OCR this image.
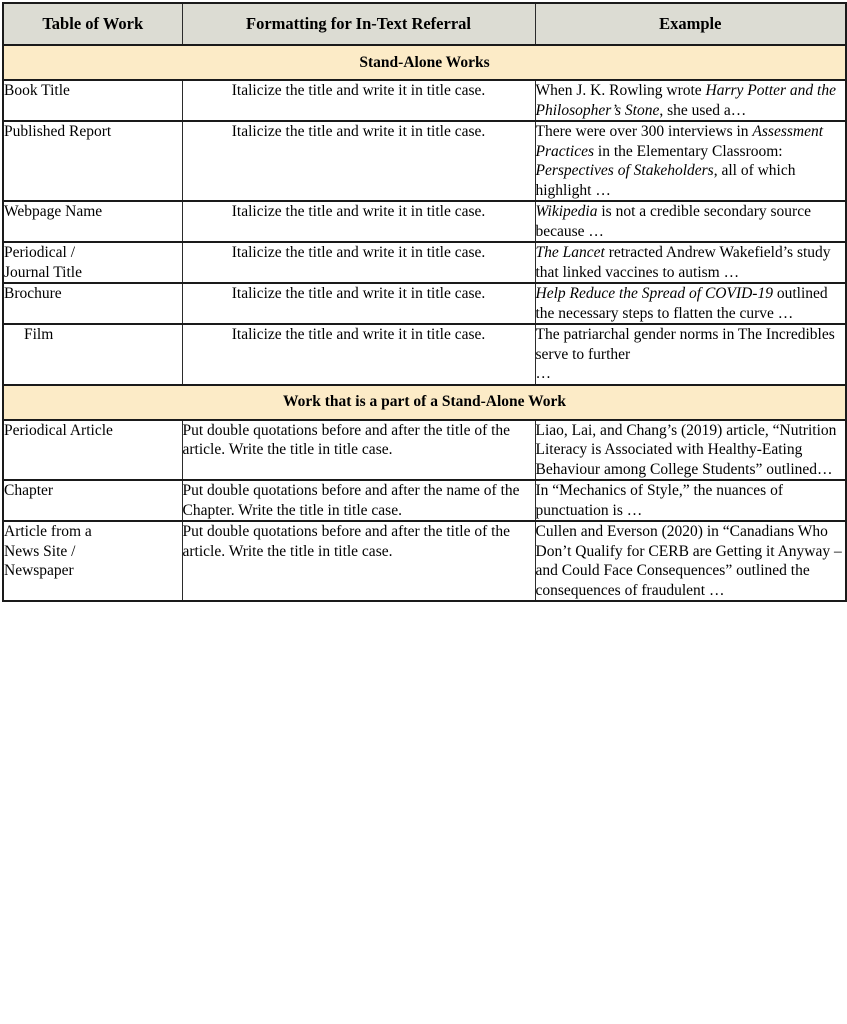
Table of Work	Formatting for In-Text Referral	Example
Stand-Alone Works		
Book Title	Italicize the title and write it in title case.	When J. K. Rowling wrote Harry Potter and the Philosopher’s Stone, she used a…
Published Report	Italicize the title and write it in title case.	There were over 300 interviews in Assessment Practices in the Elementary Classroom: Perspectives of Stakeholders, all of which highlight …
Webpage Name	Italicize the title and write it in title case.	Wikipedia is not a credible secondary source because …
Periodical /
Journal Title	Italicize the title and write it in title case.	The Lancet retracted Andrew Wakefield’s study that linked vaccines to autism …
Brochure	Italicize the title and write it in title case.	Help Reduce the Spread of COVID-19 outlined the necessary steps to flatten the curve …
Film	Italicize the title and write it in title case.	The patriarchal gender norms in The Incredibles serve to further
…
Work that is a part of a Stand-Alone Work		
Periodical Article	Put double quotations before and after the title of the article. Write the title in title case.	Liao, Lai, and Chang’s (2019) article, “Nutrition Literacy is Associated with Healthy-Eating Behaviour among College Students” outlined…
Chapter	Put double quotations before and after the name of the Chapter. Write the title in title case.	In “Mechanics of Style,” the nuances of punctuation is …
Article from a
News Site /
Newspaper	Put double quotations before and after the title of the article. Write the title in title case.	Cullen and Everson (2020) in “Canadians Who Don’t Qualify for CERB are Getting it Anyway – and Could Face Consequences” outlined the consequences of fraudulent …
